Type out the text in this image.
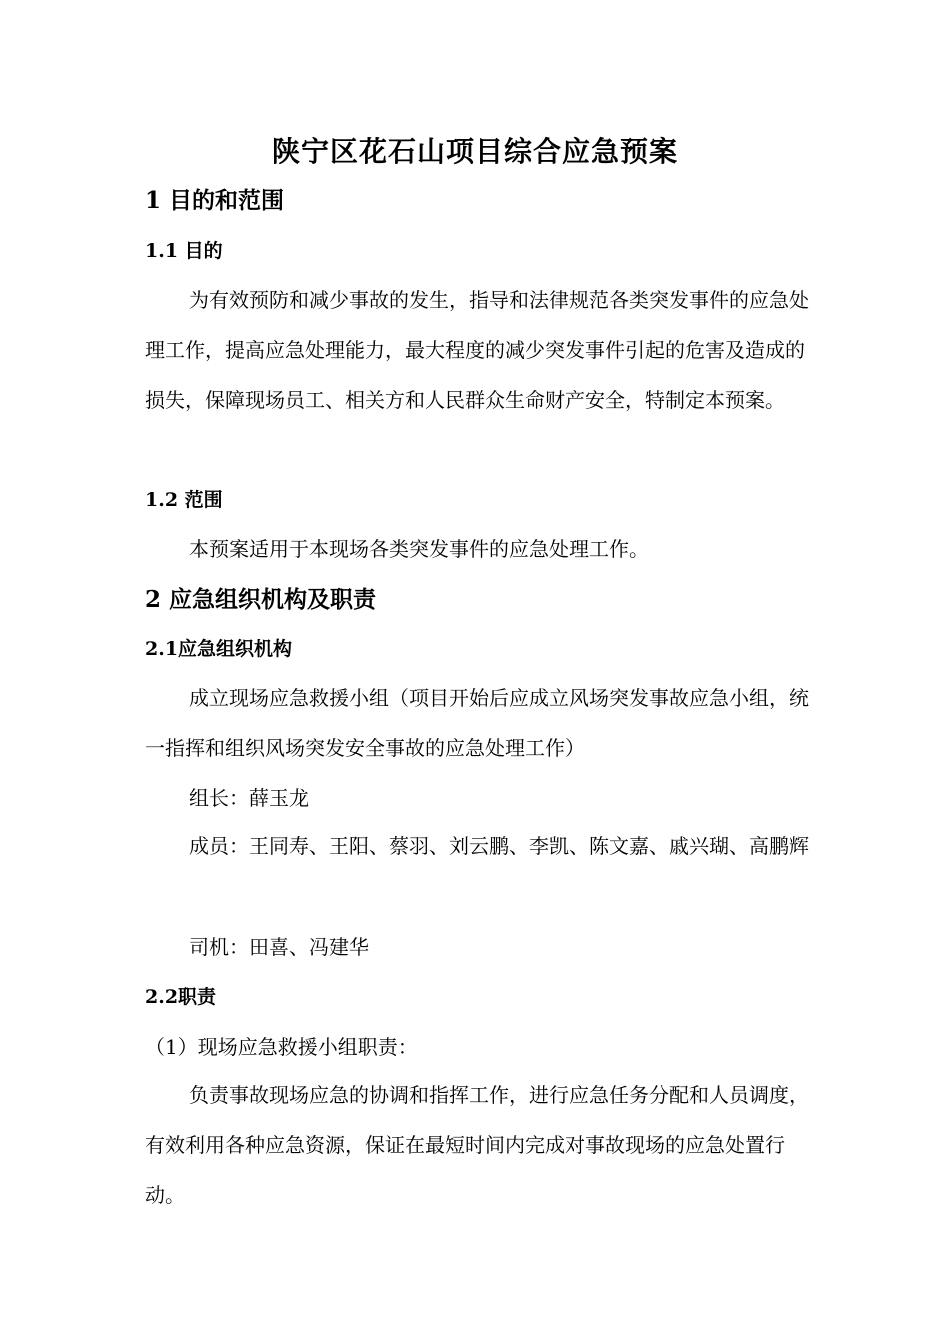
陕宁区花石山项目综合应急预案
1 目的和范围
1.1 目的

为有效预防和减少事故的发生，指导和法律规范各类突发事件的应急处理工作，提高应急处理能力，最大程度的减少突发事件引起的危害及造成的损失，保障现场员工、相关方和人民群众生命财产安全，特制定本预案。

1.2 范围

本预案适用于本现场各类突发事件的应急处理工作。

2 应急组织机构及职责
2.1应急组织机构

成立现场应急救援小组（项目开始后应成立风场突发事故应急小组，统一指挥和组织风场突发安全事故的应急处理工作）

组长：薛玉龙

成员：王同寿、王阳、蔡羽、刘云鹏、李凯、陈文嘉、戚兴瑚、高鹏辉

司机：田喜、冯建华
2.2职责
（1）现场应急救援小组职责：

负责事故现场应急的协调和指挥工作，进行应急任务分配和人员调度，有效利用各种应急资源，保证在最短时间内完成对事故现场的应急处置行动。
